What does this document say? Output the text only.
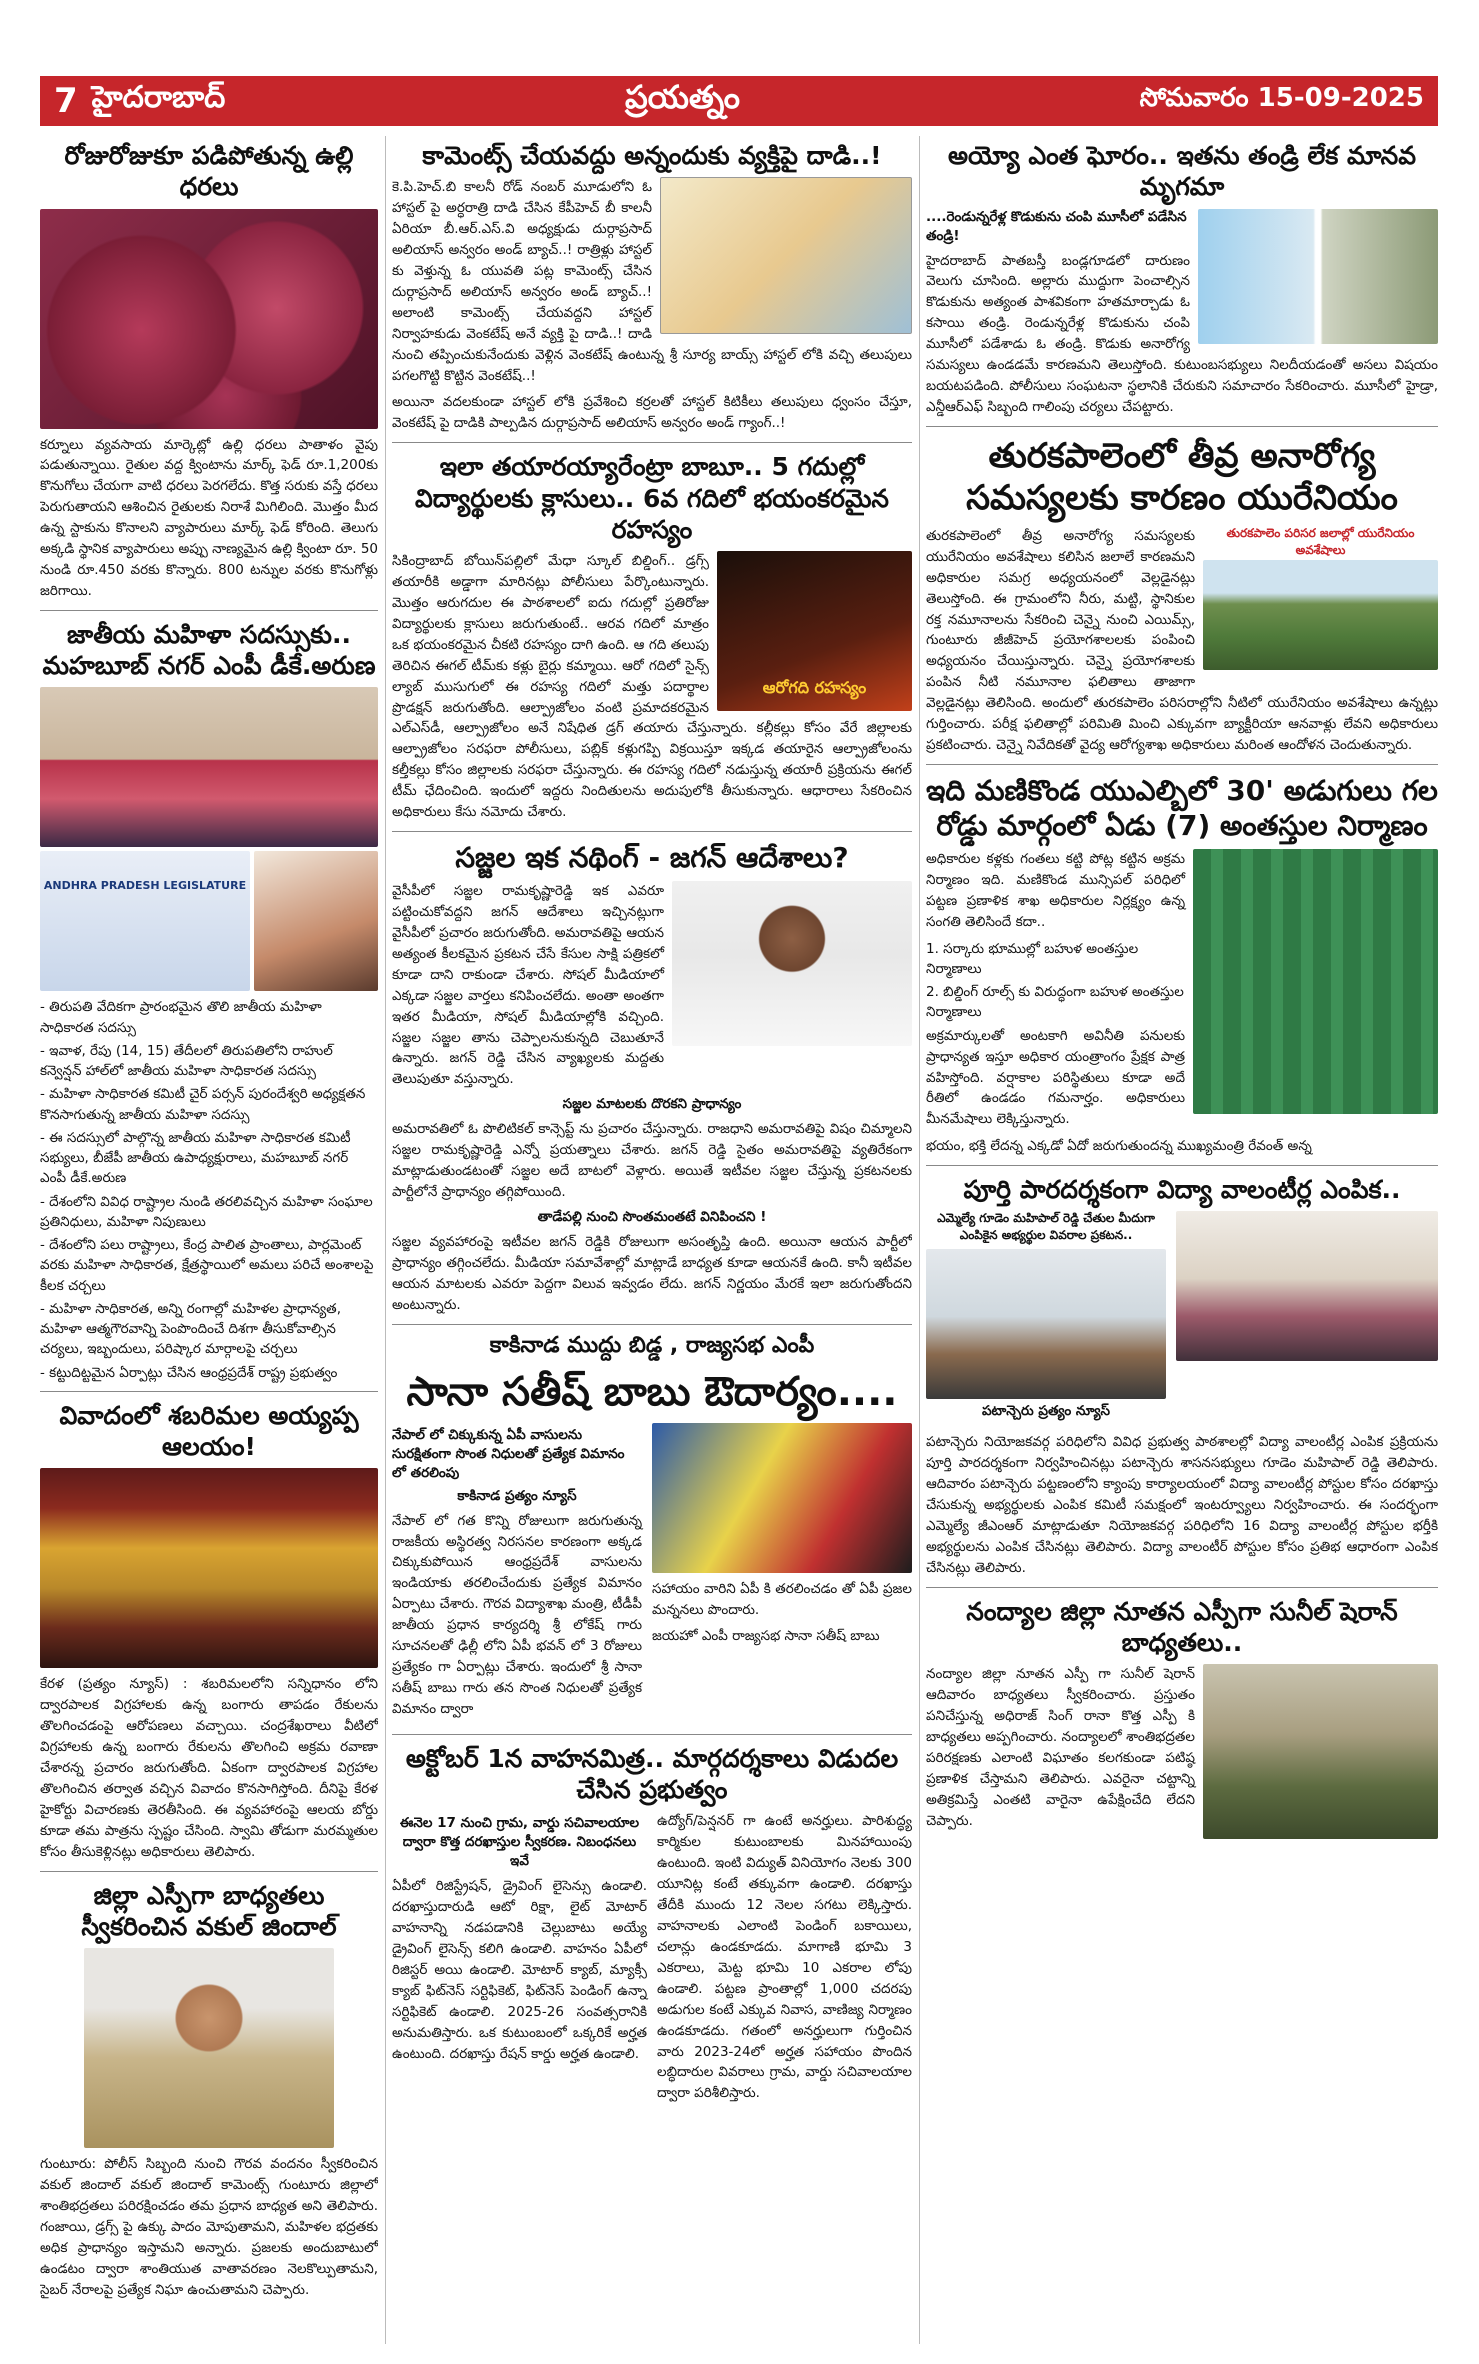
7 హైదరాబాద్	ప్రయత్నం	సోమవారం 15-09-2025
రోజురోజుకూ పడిపోతున్న ఉల్లి ధరలు

కర్నూలు వ్యవసాయ మార్కెట్లో ఉల్లి ధరలు పాతాళం వైపు పడుతున్నాయి. రైతుల వద్ద క్వింటాను మార్క్ ఫెడ్ రూ.1,200కు కొనుగోలు చేయగా వాటి ధరలు పెరగలేదు. కొత్త సరుకు వస్తే ధరలు పెరుగుతాయని ఆశించిన రైతులకు నిరాశే మిగిలింది. మొత్తం మీద ఉన్న స్టాకును కొనాలని వ్యాపారులు మార్క్ ఫెడ్ కోరింది. తెలుగు అక్కడి స్థానిక వ్యాపారులు అప్పు నాణ్యమైన ఉల్లి క్వింటా రూ. 50 నుండి రూ.450 వరకు కొన్నారు. 800 టన్నుల వరకు కొనుగోళ్లు జరిగాయి.

జాతీయ మహిళా సదస్సుకు.. మహబూబ్ నగర్ ఎంపీ డీకే.అరుణ
ANDHRA PRADESH LEGISLATURE

- తిరుపతి వేదికగా ప్రారంభమైన తొలి జాతీయ మహిళా సాధికారత సదస్సు

- ఇవాళ, రేపు (14, 15) తేదీలలో తిరుపతిలోని రాహుల్ కన్వెన్షన్ హాల్‌లో జాతీయ మహిళా సాధికారత సదస్సు

- మహిళా సాధికారత కమిటీ చైర్ పర్సన్ పురందేశ్వరి అధ్యక్షతన కొనసాగుతున్న జాతీయ మహిళా సదస్సు

- ఈ సదస్సులో పాల్గొన్న జాతీయ మహిళా సాధికారత కమిటీ సభ్యులు, బీజేపీ జాతీయ ఉపాధ్యక్షురాలు, మహబూబ్ నగర్ ఎంపీ డీకే.అరుణ

- దేశంలోని వివిధ రాష్ట్రాల నుండి తరలివచ్చిన మహిళా సంఘాల ప్రతినిధులు, మహిళా నిపుణులు

- దేశంలోని పలు రాష్ట్రాలు, కేంద్ర పాలిత ప్రాంతాలు, పార్లమెంట్ వరకు మహిళా సాధికారత, క్షేత్రస్థాయిలో అమలు పరిచే అంశాలపై కీలక చర్చలు

- మహిళా సాధికారత, అన్ని రంగాల్లో మహిళల ప్రాధాన్యత, మహిళా ఆత్మగౌరవాన్ని పెంపొందించే దిశగా తీసుకోవాల్సిన చర్యలు, ఇబ్బందులు, పరిష్కార మార్గాలపై చర్చలు

- కట్టుదిట్టమైన ఏర్పాట్లు చేసిన ఆంధ్రప్రదేశ్ రాష్ట్ర ప్రభుత్వం

వివాదంలో శబరిమల అయ్యప్ప ఆలయం!

కేరళ (ప్రత్యం న్యూస్) : శబరిమలలోని సన్నిధానం లోని ద్వారపాలక విగ్రహాలకు ఉన్న బంగారు తాపడం రేకులను తొలగించడంపై ఆరోపణలు వచ్చాయి. చంద్రశేఖరాలు వీటిలో విగ్రహాలకు ఉన్న బంగారు రేకులను తొలగించి అక్రమ రవాణా చేశారన్న ప్రచారం జరుగుతోంది. ఏకంగా ద్వారపాలక విగ్రహాల తొలగించిన తర్వాత వచ్చిన వివాదం కొనసాగిస్తోంది. దీనిపై కేరళ హైకోర్టు విచారణకు తెరతీసింది. ఈ వ్యవహారంపై ఆలయ బోర్డు కూడా తమ పాత్రను స్పష్టం చేసింది. స్వామి తోడుగా మరమ్మతుల కోసం తీసుకెళ్లినట్లు అధికారులు తెలిపారు.

జిల్లా ఎస్పీగా బాధ్యతలు స్వీకరించిన వకుల్ జిందాల్

గుంటూరు: పోలీస్ సిబ్బంది నుంచి గౌరవ వందనం స్వీకరించిన వకుల్ జిందాల్ వకుల్ జిందాల్ కామెంట్స్ గుంటూరు జిల్లాలో శాంతిభద్రతలు పరిరక్షించడం తమ ప్రధాన బాధ్యత అని తెలిపారు. గంజాయి, డ్రగ్స్ పై ఉక్కు పాదం మోపుతామని, మహిళల భద్రతకు అధిక ప్రాధాన్యం ఇస్తామని అన్నారు. ప్రజలకు అందుబాటులో ఉండటం ద్వారా శాంతియుత వాతావరణం నెలకొల్పుతామని, సైబర్ నేరాలపై ప్రత్యేక నిఘా ఉంచుతామని చెప్పారు.

కామెంట్స్ చేయవద్దు అన్నందుకు వ్యక్తిపై దాడి..!

కె.పి.హెచ్.బి కాలనీ రోడ్ నంబర్ మూడులోని ఓ హాస్టల్ పై అర్ధరాత్రి దాడి చేసిన కేపీహెచ్ బీ కాలనీ ఏరియా బీ.ఆర్.ఎస్.వి అధ్యక్షుడు దుర్గాప్రసాద్ అలియాస్ అన్వరం అండ్ బ్యాచ్..! రాత్రిళ్లు హాస్టల్ కు వెళ్తున్న ఓ యువతి పట్ల కామెంట్స్ చేసిన దుర్గాప్రసాద్ అలియాస్ అన్వరం అండ్ బ్యాచ్..! అలాంటి కామెంట్స్ చేయవద్దని హాస్టల్ నిర్వాహకుడు వెంకటేష్ అనే వ్యక్తి పై దాడి..! దాడి నుంచి తప్పించుకునేందుకు వెళ్లిన వెంకటేష్ ఉంటున్న శ్రీ సూర్య బాయ్స్ హాస్టల్ లోకి వచ్చి తలుపులు పగలగొట్టి కొట్టిన వెంకటేష్..!

అయినా వదలకుండా హాస్టల్ లోకి ప్రవేశించి కర్రలతో హాస్టల్ కిటికీలు తలుపులు ధ్వంసం చేస్తూ, వెంకటేష్ పై దాడికి పాల్పడిన దుర్గాప్రసాద్ అలియాస్ అన్వరం అండ్ గ్యాంగ్..!

ఇలా తయారయ్యారేంట్రా బాబూ.. 5 గదుల్లో విద్యార్థులకు క్లాసులు.. 6వ గదిలో భయంకరమైన రహస్యం
ఆరోగది రహస్యం

సికింద్రాబాద్ బోయిన్‌పల్లిలో మేధా స్కూల్ బిల్డింగ్.. డ్రగ్స్ తయారీకి అడ్డాగా మారినట్లు పోలీసులు పేర్కొంటున్నారు. మొత్తం ఆరుగదుల ఈ పాఠశాలలో ఐదు గదుల్లో ప్రతిరోజు విద్యార్థులకు క్లాసులు జరుగుతుంటే.. ఆరవ గదిలో మాత్రం ఒక భయంకరమైన చీకటి రహస్యం దాగి ఉంది. ఆ గది తలుపు తెరిచిన ఈగల్ టీమ్‌కు కళ్లు బైర్లు కమ్మాయి. ఆరో గదిలో సైన్స్ ల్యాబ్ ముసుగులో ఈ రహస్య గదిలో మత్తు పదార్థాల ప్రొడక్షన్ జరుగుతోంది. ఆల్ప్రాజోలం వంటి ప్రమాదకరమైన ఎల్ఎస్‌డీ, ఆల్ప్రాజోలం అనే నిషేధిత డ్రగ్ తయారు చేస్తున్నారు. కల్లీకల్లు కోసం వేరే జిల్లాలకు ఆల్ప్రాజోలం సరఫరా పోలీసులు, పబ్లిక్ కళ్లుగప్పి విక్రయిస్తూ ఇక్కడ తయారైన ఆల్ప్రాజోలంను కల్తీకల్లు కోసం జిల్లాలకు సరఫరా చేస్తున్నారు. ఈ రహస్య గదిలో నడుస్తున్న తయారీ ప్రక్రియను ఈగల్ టీమ్ ఛేదించింది. ఇందులో ఇద్దరు నిందితులను అదుపులోకి తీసుకున్నారు. ఆధారాలు సేకరించిన అధికారులు కేసు నమోదు చేశారు.

సజ్జల ఇక నథింగ్ - జగన్ ఆదేశాలు?

వైసీపీలో సజ్జల రామకృష్ణారెడ్డి ఇక ఎవరూ పట్టించుకోవద్దని జగన్ ఆదేశాలు ఇచ్చినట్లుగా వైసీపీలో ప్రచారం జరుగుతోంది. అమరావతిపై ఆయన అత్యంత కీలకమైన ప్రకటన చేసే కేసుల సాక్షి పత్రికలో కూడా దాని రాకుండా చేశారు. సోషల్ మీడియాలో ఎక్కడా సజ్జల వార్తలు కనిపించలేదు. అంతా అంతగా ఇతర మీడియా, సోషల్ మీడియాల్లోకి వచ్చింది. సజ్జల సజ్జల తాను చెప్పాలనుకున్నది చెబుతూనే ఉన్నారు. జగన్ రెడ్డి చేసిన వ్యాఖ్యలకు మద్దతు తెలుపుతూ వస్తున్నారు.

సజ్జల మాటలకు దొరకని ప్రాధాన్యం

అమరావతిలో ఓ పొలిటికల్ కాన్సెప్ట్ ను ప్రచారం చేస్తున్నారు. రాజధాని అమరావతిపై విషం చిమ్మాలని సజ్జల రామకృష్ణారెడ్డి ఎన్నో ప్రయత్నాలు చేశారు. జగన్ రెడ్డి సైతం అమరావతిపై వ్యతిరేకంగా మాట్లాడుతుండటంతో సజ్జల అదే బాటలో వెళ్లారు. అయితే ఇటీవల సజ్జల చేస్తున్న ప్రకటనలకు పార్టీలోనే ప్రాధాన్యం తగ్గిపోయింది.

తాడేపల్లి నుంచి సొంతమంతటే వినిపించని !

సజ్జల వ్యవహారంపై ఇటీవల జగన్ రెడ్డికి రోజులుగా అసంతృప్తి ఉంది. అయినా ఆయన పార్టీలో ప్రాధాన్యం తగ్గించలేదు. మీడియా సమావేశాల్లో మాట్లాడే బాధ్యత కూడా ఆయనకే ఉంది. కానీ ఇటీవల ఆయన మాటలకు ఎవరూ పెద్దగా విలువ ఇవ్వడం లేదు. జగన్ నిర్ణయం మేరకే ఇలా జరుగుతోందని అంటున్నారు.

కాకినాడ ముద్దు బిడ్డ , రాజ్యసభ ఎంపీ
సానా సతీష్ బాబు ఔదార్యం....

నేపాల్ లో చిక్కుకున్న ఏపీ వాసులను సురక్షితంగా సొంత నిధులతో ప్రత్యేక విమానం లో తరలింపు

కాకినాడ ప్రత్యం న్యూస్

నేపాల్ లో గత కొన్ని రోజులుగా జరుగుతున్న రాజకీయ అస్థిరత్వ నిరసనల కారణంగా అక్కడ చిక్కుకుపోయిన ఆంధ్రప్రదేశ్ వాసులను ఇండియాకు తరలించేందుకు ప్రత్యేక విమానం ఏర్పాటు చేశారు. గౌరవ విద్యాశాఖ మంత్రి, టీడీపీ జాతీయ ప్రధాన కార్యదర్శి శ్రీ లోకేష్ గారు సూచనలతో ఢిల్లీ లోని ఏపీ భవన్ లో 3 రోజులు ప్రత్యేకం గా ఏర్పాట్లు చేశారు. ఇందులో శ్రీ సానా సతీష్ బాబు గారు తన సొంత నిధులతో ప్రత్యేక విమానం ద్వారా

సహాయం వారిని ఏపీ కి తరలించడం తో ఏపీ ప్రజల మన్ననలు పొందారు.

జయహో ఎంపీ రాజ్యసభ సానా సతీష్ బాబు

అక్టోబర్ 1న వాహనమిత్ర.. మార్గదర్శకాలు విడుదల చేసిన ప్రభుత్వం

ఈనెల 17 నుంచి గ్రామ, వార్డు సచివాలయాల ద్వారా కొత్త దరఖాస్తుల స్వీకరణ. నిబంధనలు ఇవే

ఏపీలో రిజిస్ట్రేషన్, డ్రైవింగ్ లైసెన్సు ఉండాలి. దరఖాస్తుదారుడి ఆటో రిక్షా, లైట్ మోటార్ వాహనాన్ని నడపడానికి చెల్లుబాటు అయ్యే డ్రైవింగ్ లైసెన్స్ కలిగి ఉండాలి. వాహనం ఏపీలో రిజిస్టర్ అయి ఉండాలి. మోటార్ క్యాబ్, మ్యాక్సీ క్యాబ్ ఫిట్‌నెస్ సర్టిఫికెట్, ఫిట్‌నెస్ పెండింగ్ ఉన్నా సర్టిఫికెట్ ఉండాలి. 2025-26 సంవత్సరానికి అనుమతిస్తారు. ఒక కుటుంబంలో ఒక్కరికే అర్హత ఉంటుంది. దరఖాస్తు రేషన్ కార్డు అర్హత ఉండాలి.

ఉద్యోగ్/పెన్షనర్ గా ఉంటే అనర్హులు. పారిశుద్ధ్య కార్మికుల కుటుంబాలకు మినహాయింపు ఉంటుంది. ఇంటి విద్యుత్ వినియోగం నెలకు 300 యూనిట్ల కంటే తక్కువగా ఉండాలి. దరఖాస్తు తేదీకి ముందు 12 నెలల సగటు లెక్కిస్తారు. వాహనాలకు ఎలాంటి పెండింగ్ బకాయిలు, చలాన్లు ఉండకూడదు. మాగాణి భూమి 3 ఎకరాలు, మెట్ట భూమి 10 ఎకరాల లోపు ఉండాలి. పట్టణ ప్రాంతాల్లో 1,000 చదరపు అడుగుల కంటే ఎక్కువ నివాస, వాణిజ్య నిర్మాణం ఉండకూడదు. గతంలో అనర్హులుగా గుర్తించిన వారు 2023-24లో అర్హత సహాయం పొందిన లబ్ధిదారుల వివరాలు గ్రామ, వార్డు సచివాలయాల ద్వారా పరిశీలిస్తారు.

అయ్యో ఎంత ఘోరం.. ఇతను తండ్రి లేక మానవ మృగమా

....రెండున్నరేళ్ల కొడుకును చంపి మూసీలో పడేసిన తండ్రి!

హైదరాబాద్ పాతబస్తీ బండ్లగూడలో దారుణం వెలుగు చూసింది. అల్లారు ముద్దుగా పెంచాల్సిన కొడుకును అత్యంత పాశవికంగా హతమార్చాడు ఓ కసాయి తండ్రి. రెండున్నరేళ్ల కొడుకును చంపి మూసీలో పడేశాడు ఓ తండ్రి. కొడుకు అనారోగ్య సమస్యలు ఉండడమే కారణమని తెలుస్తోంది. కుటుంబసభ్యులు నిలదీయడంతో అసలు విషయం బయటపడింది. పోలీసులు సంఘటనా స్థలానికి చేరుకుని సమాచారం సేకరించారు. మూసీలో హైడ్రా, ఎన్డీఆర్ఎఫ్ సిబ్బంది గాలింపు చర్యలు చేపట్టారు.

తురకపాలెంలో తీవ్ర అనారోగ్య సమస్యలకు కారణం యురేనియం
తురకపాలెం పరిసర జలాల్లో యురేనియం అవశేషాలు

తురకపాలెంలో తీవ్ర అనారోగ్య సమస్యలకు యురేనియం అవశేషాలు కలిసిన జలాలే కారణమని అధికారుల సమగ్ర అధ్యయనంలో వెల్లడైనట్లు తెలుస్తోంది. ఈ గ్రామంలోని నీరు, మట్టి, స్థానికుల రక్త నమూనాలను సేకరించి చెన్నై నుంచి ఎయిమ్స్, గుంటూరు జీజీహెచ్ ప్రయోగశాలలకు పంపించి అధ్యయనం చేయిస్తున్నారు. చెన్నై ప్రయోగశాలకు పంపిన నీటి నమూనాల ఫలితాలు తాజాగా వెల్లడైనట్లు తెలిసింది. అందులో తురకపాలెం పరిసరాల్లోని నీటిలో యురేనియం అవశేషాలు ఉన్నట్లు గుర్తించారు. పరీక్ష ఫలితాల్లో పరిమితి మించి ఎక్కువగా బ్యాక్టీరియా ఆనవాళ్లు లేవని అధికారులు ప్రకటించారు. చెన్నై నివేదికతో వైద్య ఆరోగ్యశాఖ అధికారులు మరింత ఆందోళన చెందుతున్నారు.

ఇది మణికొండ యుఎల్బిలో 30' అడుగులు గల రోడ్డు మార్గంలో ఏడు (7) అంతస్తుల నిర్మాణం

అధికారుల కళ్లకు గంతలు కట్టి పోట్ల కట్టిన అక్రమ నిర్మాణం ఇది. మణికొండ మున్సిపల్ పరిధిలో పట్టణ ప్రణాళిక శాఖ అధికారుల నిర్లక్ష్యం ఉన్న సంగతి తెలిసిందే కదా..

1. సర్కారు భూముల్లో బహుళ అంతస్తుల నిర్మాణాలు

2. బిల్డింగ్ రూల్స్ కు విరుద్ధంగా బహుళ అంతస్తుల నిర్మాణాలు

అక్రమార్కులతో అంటకాగి అవినీతి పనులకు ప్రాధాన్యత ఇస్తూ అధికార యంత్రాంగం ప్రేక్షక పాత్ర వహిస్తోంది. వర్షాకాల పరిస్థితులు కూడా అదే రీతిలో ఉండడం గమనార్హం. అధికారులు మీనమేషాలు లెక్కిస్తున్నారు.

భయం, భక్తి లేదన్న ఎక్కడో ఏదో జరుగుతుందన్న ముఖ్యమంత్రి రేవంత్ అన్న

పూర్తి పారదర్శకంగా విద్యా వాలంటీర్ల ఎంపిక..
ఎమ్మెల్యే గూడెం మహిపాల్ రెడ్డి చేతుల మీదుగా ఎంపికైన అభ్యర్థుల వివరాల ప్రకటన..

పటాన్చెరు ప్రత్యం న్యూస్

పటాన్చెరు నియోజకవర్గ పరిధిలోని వివిధ ప్రభుత్వ పాఠశాలల్లో విద్యా వాలంటీర్ల ఎంపిక ప్రక్రియను పూర్తి పారదర్శకంగా నిర్వహించినట్లు పటాన్చెరు శాసనసభ్యులు గూడెం మహిపాల్ రెడ్డి తెలిపారు. ఆదివారం పటాన్చెరు పట్టణంలోని క్యాంపు కార్యాలయంలో విద్యా వాలంటీర్ల పోస్టుల కోసం దరఖాస్తు చేసుకున్న అభ్యర్థులకు ఎంపిక కమిటీ సమక్షంలో ఇంటర్వ్యూలు నిర్వహించారు. ఈ సందర్భంగా ఎమ్మెల్యే జీఎంఆర్ మాట్లాడుతూ నియోజకవర్గ పరిధిలోని 16 విద్యా వాలంటీర్ల పోస్టుల భర్తీకి అభ్యర్థులను ఎంపిక చేసినట్లు తెలిపారు. విద్యా వాలంటీర్ పోస్టుల కోసం ప్రతిభ ఆధారంగా ఎంపిక చేసినట్లు తెలిపారు.

నంద్యాల జిల్లా నూతన ఎస్పీగా సునీల్ షెరాన్ బాధ్యతలు..

నంద్యాల జిల్లా నూతన ఎస్పీ గా సునీల్ షెరాన్ ఆదివారం బాధ్యతలు స్వీకరించారు. ప్రస్తుతం పనిచేస్తున్న అధిరాజ్ సింగ్ రానా కొత్త ఎస్పీ కి బాధ్యతలు అప్పగించారు. నంద్యాలలో శాంతిభద్రతల పరిరక్షణకు ఎలాంటి విఘాతం కలగకుండా పటిష్ఠ ప్రణాళిక చేస్తామని తెలిపారు. ఎవరైనా చట్టాన్ని అతిక్రమిస్తే ఎంతటి వారైనా ఉపేక్షించేది లేదని చెప్పారు.
